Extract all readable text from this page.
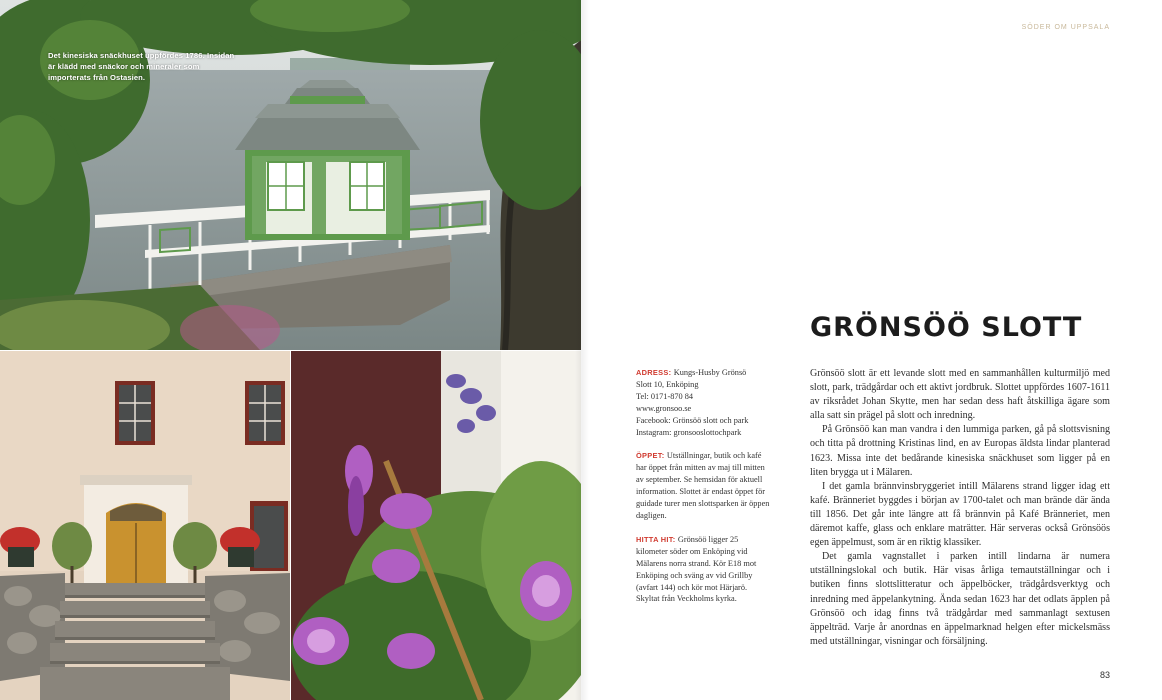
Det kinesiska snäckhuset uppfördes 1786. Insidan är klädd med snäckor och mineraler som importerats från Ostasien.
SÖDER OM UPPSALA
GRÖNSÖÖ SLOTT
ADRESS: Kungs-Husby Grönsö
Slott 10, Enköping
Tel: 0171-870 84
www.gronsoo.se
Facebook: Grönsöö slott och park
Instagram: gronsooslottochpark
ÖPPET: Utställningar, butik och kafé har öppet från mitten av maj till mitten av september. Se hemsidan för aktuell information. Slottet är endast öppet för guidade turer men slottsparken är öppen dagligen.
HITTA HIT: Grönsöö ligger 25 kilometer söder om Enköping vid Mälarens norra strand. Kör E18 mot Enköping och sväng av vid Grillby (avfart 144) och kör mot Härjarö. Skyltat från Veckholms kyrka.

Grönsöö slott är ett levande slott med en sammanhållen kulturmiljö med slott, park, trädgårdar och ett aktivt jordbruk. Slottet uppfördes 1607-1611 av riksrådet Johan Skytte, men har sedan dess haft åtskilliga ägare som alla satt sin prägel på slott och inredning.

På Grönsöö kan man vandra i den lummiga parken, gå på slottsvisning och titta på drottning Kristinas lind, en av Europas äldsta lindar planterad 1623. Missa inte det bedårande kinesiska snäckhuset som ligger på en liten brygga ut i Mälaren.

I det gamla brännvinsbryggeriet intill Mälarens strand ligger idag ett kafé. Bränneriet byggdes i början av 1700-talet och man brände där ända till 1856. Det går inte längre att få brännvin på Kafé Bränneriet, men däremot kaffe, glass och enklare maträtter. Här serveras också Grönsöös egen äppelmust, som är en riktig klassiker.

Det gamla vagnstallet i parken intill lindarna är numera utställningslokal och butik. Här visas årliga temautställningar och i butiken finns slottslitteratur och äppelböcker, trädgårdsverktyg och inredning med äppelankytning. Ända sedan 1623 har det odlats äpplen på Grönsöö och idag finns två trädgårdar med sammanlagt sextusen äppelträd. Varje år anordnas en äppelmarknad helgen efter mickelsmäss med utställningar, visningar och försäljning.

83
